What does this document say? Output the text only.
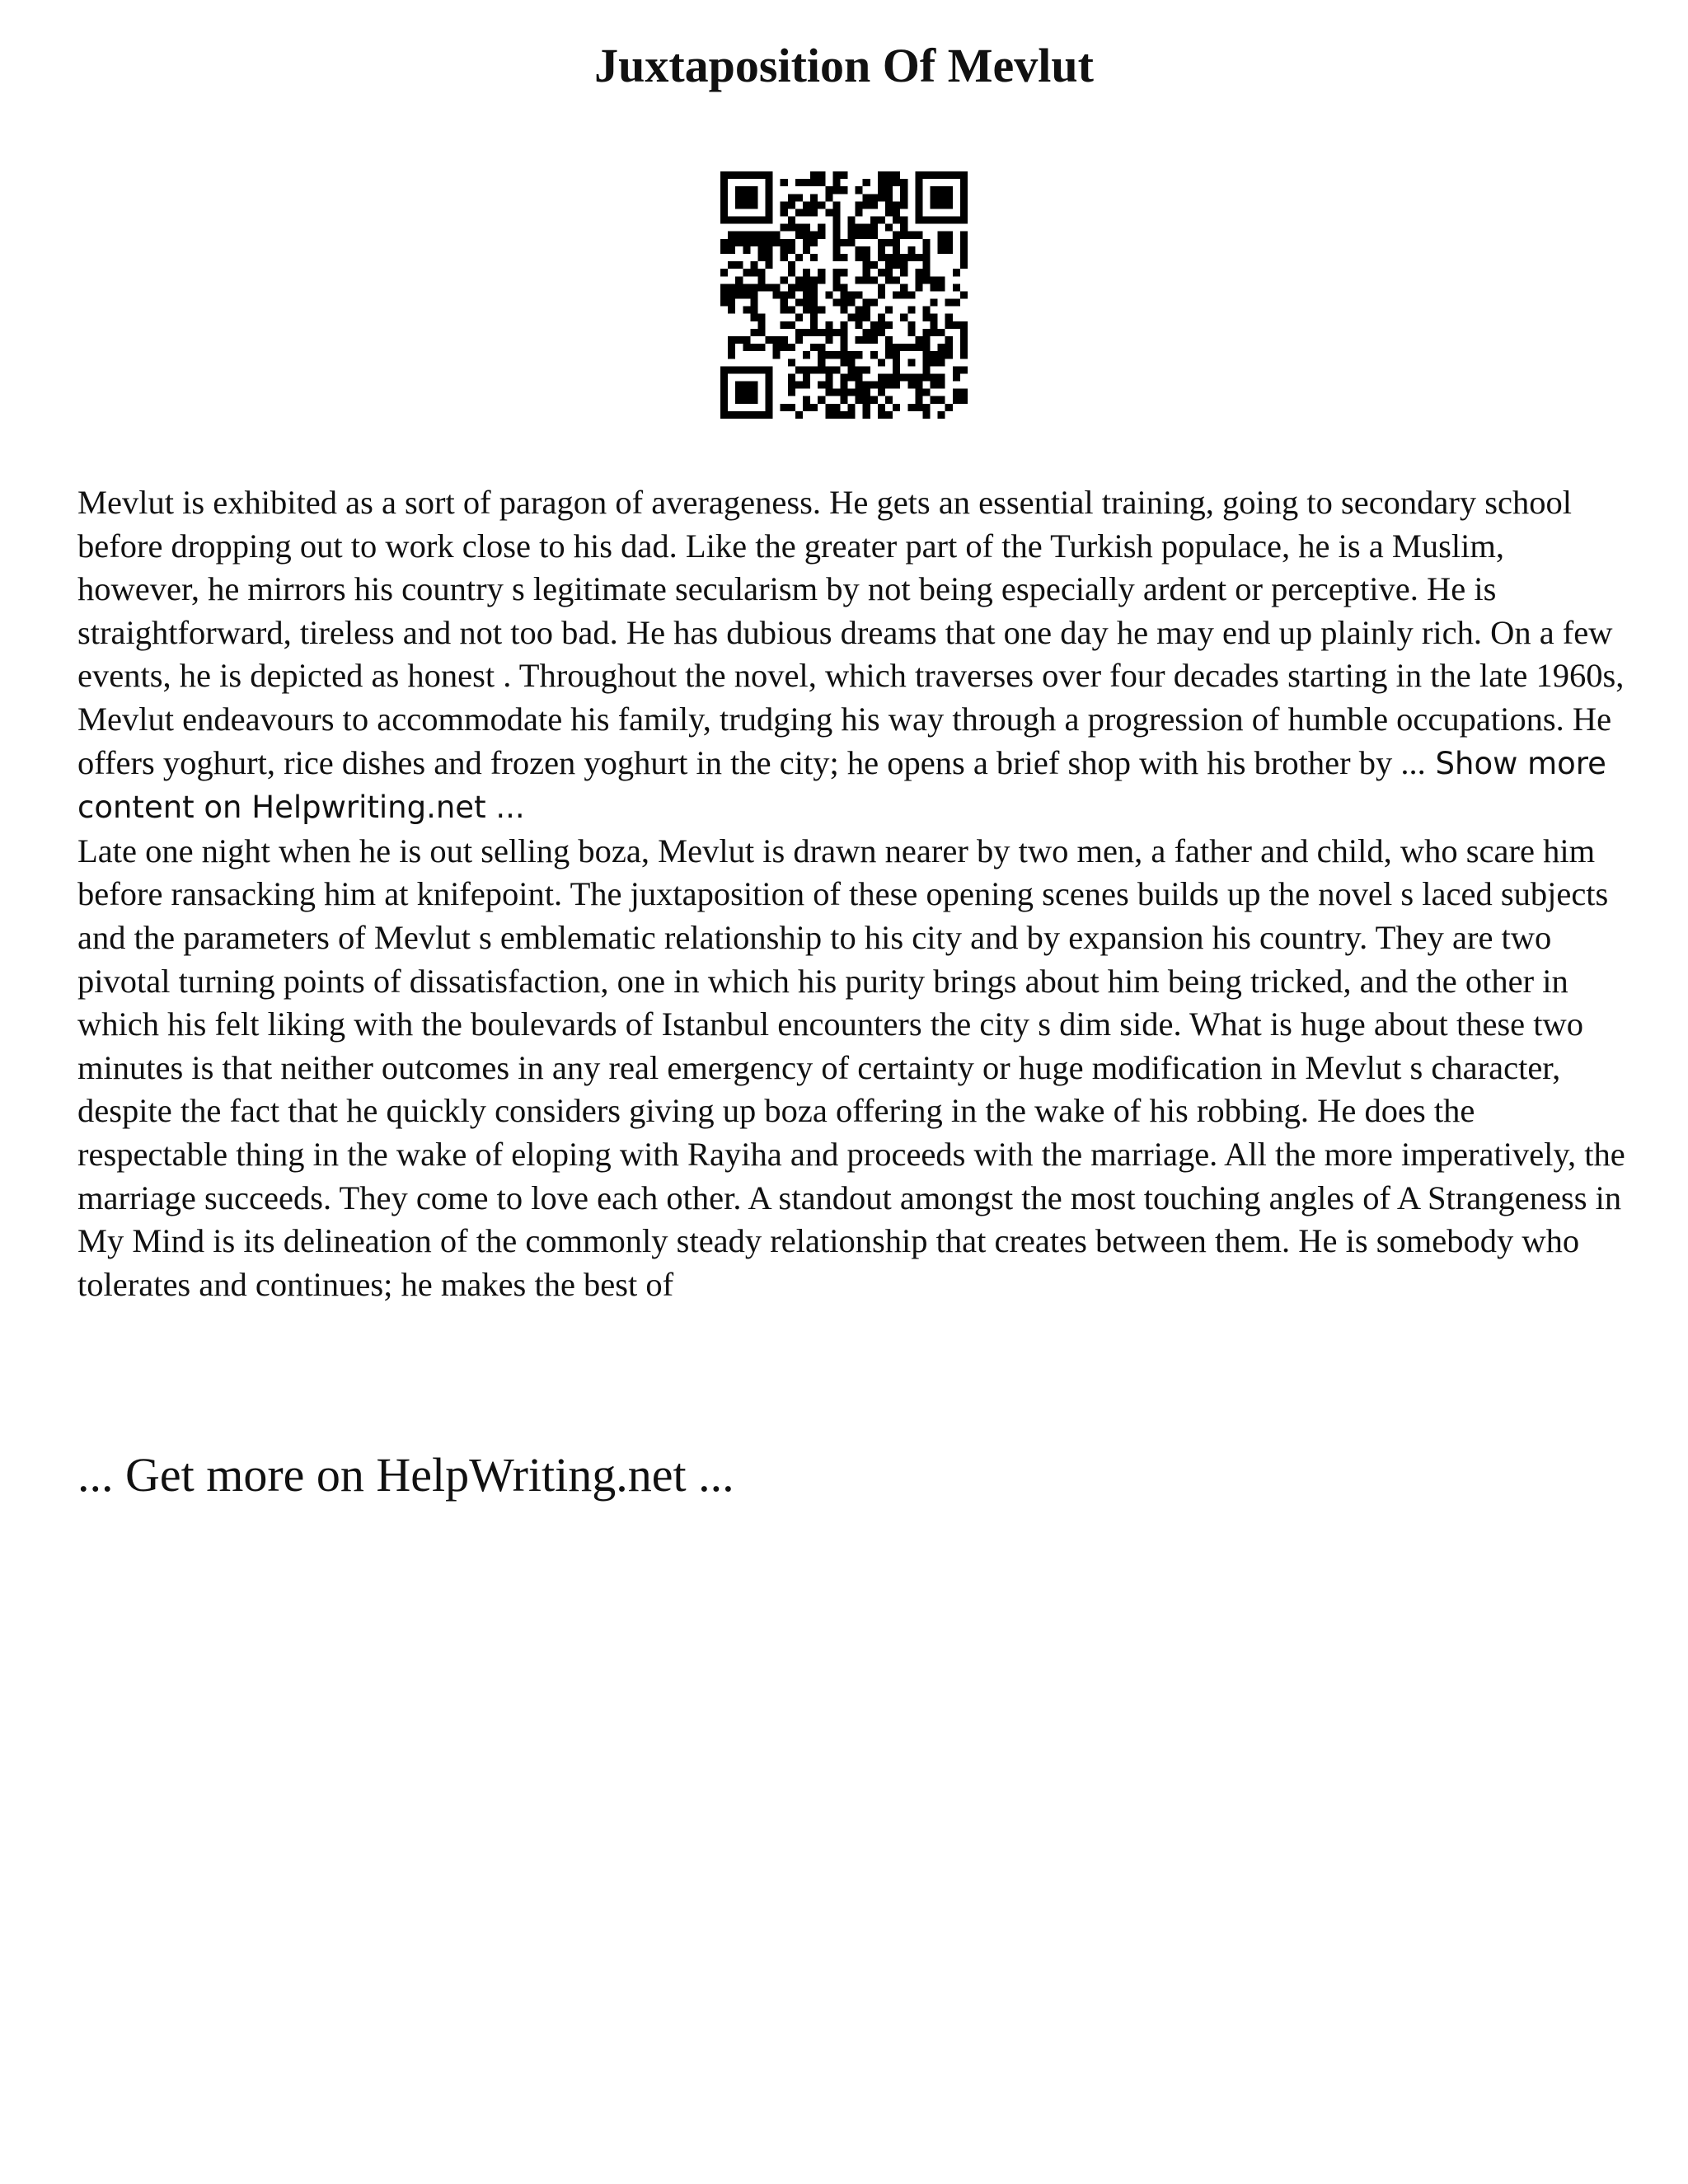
Juxtaposition Of Mevlut

Mevlut is exhibited as a sort of paragon of averageness. He gets an essential training, going to secondary school before dropping out to work close to his dad. Like the greater part of the Turkish populace, he is a Muslim, however, he mirrors his country s legitimate secularism by not being especially ardent or perceptive. He is straightforward, tireless and not too bad. He has dubious dreams that one day he may end up plainly rich. On a few events, he is depicted as honest . Throughout the novel, which traverses over four decades starting in the late 1960s, Mevlut endeavours to accommodate his family, trudging his way through a progression of humble occupations. He offers yoghurt, rice dishes and frozen yoghurt in the city; he opens a brief shop with his brother by ... Show more content on Helpwriting.net ...

Late one night when he is out selling boza, Mevlut is drawn nearer by two men, a father and child, who scare him before ransacking him at knifepoint. The juxtaposition of these opening scenes builds up the novel s laced subjects and the parameters of Mevlut s emblematic relationship to his city and by expansion his country. They are two pivotal turning points of dissatisfaction, one in which his purity brings about him being tricked, and the other in which his felt liking with the boulevards of Istanbul encounters the city s dim side. What is huge about these two minutes is that neither outcomes in any real emergency of certainty or huge modification in Mevlut s character, despite the fact that he quickly considers giving up boza offering in the wake of his robbing. He does the respectable thing in the wake of eloping with Rayiha and proceeds with the marriage. All the more imperatively, the marriage succeeds. They come to love each other. A standout amongst the most touching angles of A Strangeness in My Mind is its delineation of the commonly steady relationship that creates between them. He is somebody who tolerates and continues; he makes the best of

... Get more on HelpWriting.net ...
